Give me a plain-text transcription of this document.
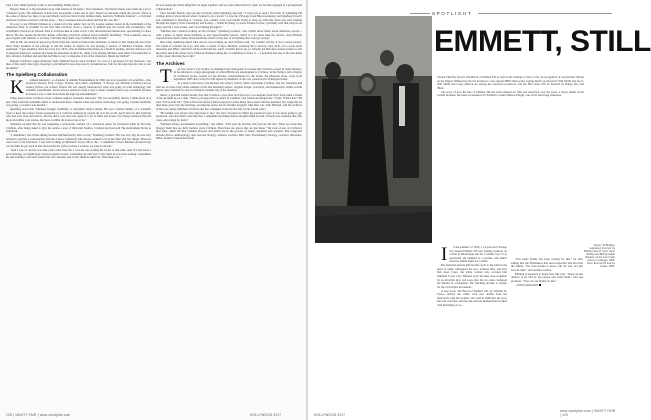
said, I don't think anybody wants to see buildings falling down."

Dragon Tank is "a big adventure story with science at the heart," Vest explained, "and that in many ways sums up a lot of Crichton's work. The difference is there isn't necessarily a dark sort of turn. There's no dinosaur eating the patrons. There is the sense of these two men, Cope and Marsh, and how their rivalry defines them. And how Williams Johnson"—a fictional character Crichton created to tell the story—"has to navigate between them and find his own life."

It's easy to see William Johnson as a stand-in for the author: he's an Ivy League student, tested in the battlefields of the American West. It wouldn't be the first time Crichton wrote a version of himself into his novels and screenplays. Jeff Goldblum's character in Jurassic Park is Crichton-like in some ways: a tall, much-married intellectual, specializing in chaos theory. He also speaks the movie's theme, reflecting Crichton's opinion about scientific meddling: "Your scientists were so preoccupied with whether or not they could that they didn't stop to think if they should."

And in ER, the character played by Noah Wyle has certain Crichton-like attributes, so much so that during the run of the show Wyle dreamed of the passage to ask the author if, indeed, he was playing a version of Michael Crichton. Wyle explained, "I just assumed, since he wrote it in 1974, after he finished his [time] as a medical student, and my character was looking his third-year rotation and doing his internship in the E.R., [that] I was playing Michael. And when I broached that to him, he kind of smiled and said that he'd like to say a composite of all of the characters. Benin my bubble!"

Despite Crichton's vague demurral, Wyle admitted that he used Crichton "as a bit of a prototype for the character—the idea of this really smart guy choosing to put himself in less than savory circumstances, both for his education but also to test his mettle."

The Spielberg Collaboration

K athleen Kennedy—co-founder of Amblin Entertainment in 1982 and now president of Lucasfilm—who produced Jurassic Park, Congo, Twister, and others, explained, "I always say Michael Crichton [wrote] science fiction, not science fiction. He was deeply interested in what was going on with technology and scientific experiments, but he always seemed to find a way to make complex ideas very accessible because he found a way to talk about them through big entertainment."

When asked about Crichton's most common subject, Kennedy answered, "He was incredibly driven. I think more of it just came from this insatiable desire to understand these complex ideas and where technology was going, whether medicine was going, or science was headed."

Spielberg noted that "Michael brought credibility to incredible subject matter. He was a master builder of a scientific topic to keep the science fiction grounded so it could be believed by people all over the world. And I had not met anybody who had ever done that before. And he did it over and over again in a lot of films and books. I've always believed that the more incredible your stories, the more credible the science has to be."

Spielberg recalled that he was beginning a serious-ish contract on a television series for Universal when he first met Crichton, after being asked to give the author a tour of Universal Studios. Crichton had just sold The Andromeda Strain to Universal.

"I remember I did all the talking because Michael hardly said a word," Spielberg recalled. "He was very shy, he was very reticent to get into a conversation with me. I know somebody who always seemed to be at the 'time' and 'the' things. When he went over to the Universal, I was still working on Michael's 'Great, this is the...' I remember I drove Michael around in my car and then he got back in and showed me the [office] where I worked, we went to the lab."

"And I was 21 and he was nine years older than me. I was the one reading his books at that time. And if it had been a good meeting, we might have worked together sooner. I remember he said 'bye' to me when he was done touring. I remember he said nothing to me and I found that very unusual, and I don't think he liked me. Then there was..."

he was seeing the whole thing that we spent together, and we often talked about it when we became engaged in a professional collaboration."

They became friends, and one day Crichton called Spielberg and said, "I want you to read a first draft of something I'm writing, kind of about myself when I wanted to be a doctor." It was the 150-page Code Blue screenplay, and Spielberg loved it and committed to directing it. "I mean, you couldn't carry your breath trying to keep up with him when you were blazing through the pages [of his screenplays and books]. ... When he [later] co-wrote Twister for me, I probably read that script in an hour, and I'm a slow reader, and I was blazing through it."

"Michael and I started working on the rewrites," Spielberg recalled, "and I didn't know much about medicine, except—well, I knew so much about medicine as any hypochondriac knows, which is a lot more than the doctors. And Michael respected how much I knew about medicine, based on my fear of everything that could go wrong."

One week, Spielberg asked what else he was working on, and Crichton said, "So couldn't tell me, it was a secret project, but I kind of wouldn't let it go. And after a couple of days, Michael, swearing me to secrecy, said, 'O.K., it's a book about dinosaurs and DNA.' And that's all he would tell me. And I wouldn't give it up, so I finally got him after several readers to tell me pretty much the whole story. When he finished telling me, I committed to direct it. ... I probably had one of the best times of my career directing that script."

The Archives

T he late writer's vast archive is examined and catalogued in a house that Crichton owned in Santa Monica. In the kitchen is a large photograph of Alfred Hitchcock autographed to Crichton, in the living room a display of Crichton's books, posters for the movies, advertisements for the books, the Dinosaur bone, cover from September 1995 and a script for ER signed by members of the cast, preserved in a Plexiglas frame.

In a large room next to the kitchen, the writer's widow, Sherri Alexander Crichton, and two assistants had laid out on three long tables samples of the late husband's letters, original scripts, postcards, and manuscripts. While certain pieces were available in case we wanted to handle any of the material.

Sherri, a graceful former model, first met Crichton a year after he'd moved to Los Angeles from New York when a friend of his set them up on a date. "Sherri, you guys have so much in common," the friend encouraged her. "I said, 'What's that?' He said, 'You're both tall.'" (She is five feet eleven.) Sherri enjoyed to learn many more years with her husband, but, tragically, he died three years into the marriage, leaving her alone and six months pregnant with their son, John Michael, and the archives of his vast output. (Michael Crichton also has a daughter from his first life, by his fourth wife.)

"He neither was always very important to me," she said, "because it's didn't get preserved once it was about going to get preserved. Life and others were like that. I remember the things that he thought might be sent. If there's not someone that who cares, advocating for them."

"Michael always documented everything," she added. "This year he did this, this year he did that. There are some like Dragon Teeth that are fully formed, years Crichton. Then there are pieces that are just ideas." We took a look, at Crichton's idea files, which fill five cabinets drawers and which are in the process of being organized and scanned. The categories include Africa, anthropology, apes and ape biology, aviation, bacteria, Bali, bats, biochemistry, biology, concepts, dinosaurs, DNA, dreams, Eastern European

128 | VANITY FAIR | www.vanityfair.com	HOLLYWOOD 2017
SPOTLIGHT
EMMETT, STILL
Above: Till Bradley, supported, from left, by Bishop Louis H. Ford, Gene Mobley and Bishop Isaiah Roberts, as her son's body arrives in Chicago, 1955. Inset, Emmett Till and his mother, 1953.

scholar Timothy Tyson's The Blood of Emmett Till as well as his writings to Save a Life, in-recognition of screenwriter Shawn on the Ripper Wilderness! On the horizon is a six-episode HBO mini-series Laying Death, produced by Will Smith and Jay-Z. Will Smith and Casey Affleck are among the executive producers, and the film series will be directed by Danny Dao and 'Blue'.

The story of how the fate of Emmett Till has been adapted for film and television over the years, a major theme of the current moment, has been reconsidered by Emmett's cousin Simeon Wright, one of the last living witnesses.

I n the summer of 1955, a 14-year-old Chicago boy named Emmett Till was visiting relatives on a farm in Mississippi and for a whistle boy a boy reportedly did whistled to a woman, who hadn't been his family home for a while.

Her husband and his half-brother went to the farm in the dead of night, kidnapped the boy, tortured him, and shot him dead. Later, the white woman who accused him admitted it was a lie. Thirteen years the men were acquitted by an all-white jury, and soon after the two men confessed the murder in a magazine. The lynching became a catalyst for the civil-rights movement.

A new book, The Blood of Emmett Till, by Timothy B. Tyson, revisits the crime, with new details from the interviews with the woman, who said in 2008 that the story she told was false and that she and her husband had worked with mediating on so...

"Our entire family has been waiting for this," he said, adding that the filmmakers had been respectful and involved the family. "We want people to know who he was, not just how he died," said another relative.

Filming is expected to begin later this year. "These stories deserve to be told by the people who lived them," said one producer. "Now we can finally do that."

—DAVID LEWALLEN

HOLLYWOOD 2017
www.vanityfair.com | VANITY FAIR | 129
